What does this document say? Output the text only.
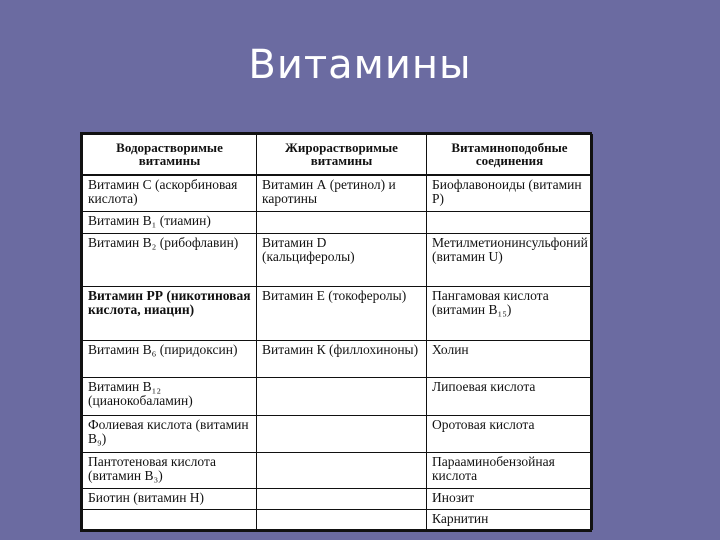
Витамины
Водорастворимые витамины	Жирорастворимые витамины	Витаминоподобные соединения
Витамин С (аскорбиновая кислота)	Витамин А (ретинол) и каротины	Биофлавоноиды (витамин Р)
Витамин В₁ (тиамин)		
Витамин В₂ (рибофлавин)	Витамин D (кальциферолы)	Метилметионинсульфоний (витамин U)
Витамин РР (никотиновая кислота, ниацин)	Витамин Е (токоферолы)	Пангамовая кислота (витамин В₁₅)
Витамин В₆ (пиридоксин)	Витамин К (филлохиноны)	Холин
Витамин В₁₂ (цианокобаламин)		Липоевая кислота
Фолиевая кислота (витамин В₉)		Оротовая кислота
Пантотеновая кислота (витамин В₃)		Парааминобензойная кислота
Биотин (витамин Н)		Инозит
		Карнитин
